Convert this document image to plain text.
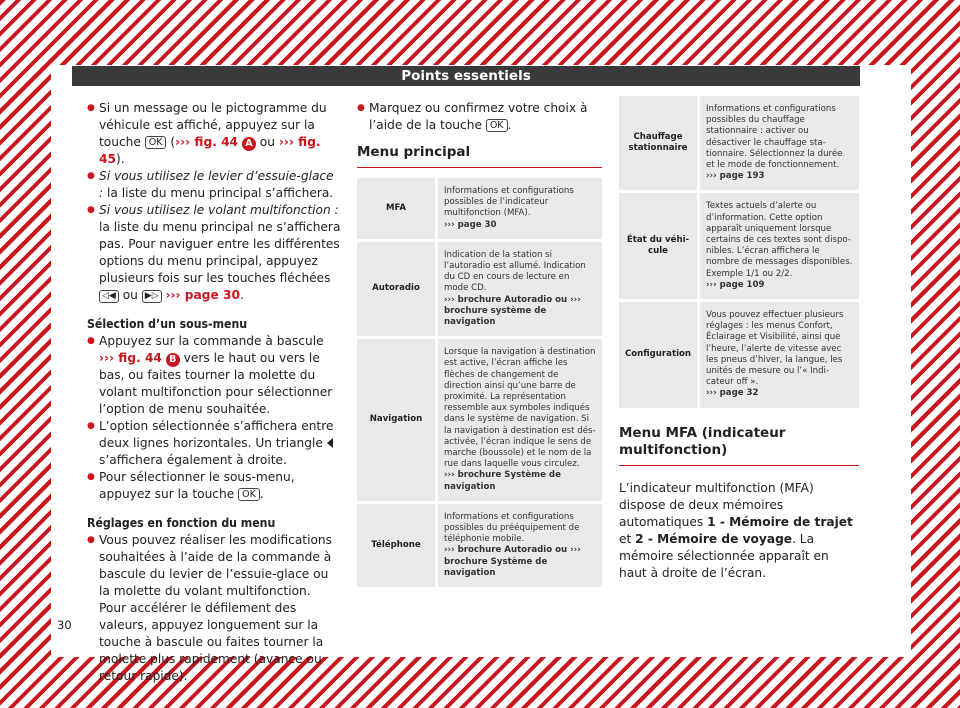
Points essentiels

● Si un message ou le pictogramme du véhicule est affiché, appuyez sur la touche OK (››› fig. 44 A ou ››› fig. 45).

● Si vous utilisez le levier d’essuie-glace : la liste du menu principal s’affichera.

● Si vous utilisez le volant multifonction : la liste du menu principal ne s’affichera pas. Pour naviguer entre les différentes options du menu principal, appuyez plusieurs fois sur les touches fléchées ◁◀ ou ▶▷ ››› page 30.

Sélection d’un sous-menu

● Appuyez sur la commande à bascule ››› fig. 44 B vers le haut ou vers le bas, ou faites tourner la molette du volant multifonction pour sélectionner l’option de menu souhaitée.

● L’option sélectionnée s’affichera entre deux lignes horizontales. Un triangle s’affichera également à droite.

● Pour sélectionner le sous-menu, appuyez sur la touche OK .

Réglages en fonction du menu

● Vous pouvez réaliser les modifications souhaitées à l’aide de la commande à bascule du levier de l’essuie-glace ou la molette du volant multifonction. Pour accélérer le défilement des valeurs, appuyez longuement sur la touche à bascule ou faites tourner la molette plus rapidement (avance ou retour rapide).

● Marquez ou confirmez votre choix à l’aide de la touche OK .

Menu principal
MFA	Informations et configurations possibles de l’indicateur multifonction (MFA).
››› page 30
Autoradio	Indication de la station si l’autoradio est allumé. Indication du CD en cours de lecture en mode CD.
››› brochure Autoradio ou ››› brochure système de navigation
Navigation	Lorsque la navigation à destination est active, l’écran affiche les flèches de changement de direction ainsi qu’une barre de proximité. La représentation ressemble aux symboles indiqués dans le système de navigation. Si la navigation à destination est désactivée, l’écran indique le sens de marche (boussole) et le nom de la rue dans laquelle vous circulez.
››› brochure Système de navigation
Téléphone	Informations et configurations possibles du prééquipement de téléphonie mobile.
››› brochure Autoradio ou ››› brochure Système de navigation
Chauffage stationnaire	Informations et configurations possibles du chauffage stationnaire : activer ou désactiver le chauffage stationnaire. Sélectionnez la durée et le mode de fonctionnement.
››› page 193
État du véhicule	Textes actuels d’alerte ou d’information. Cette option apparaît uniquement lorsque certains de ces textes sont disponibles. L’écran affichera le nombre de messages disponibles. Exemple 1/1 ou 2/2.
››› page 109
Configuration	Vous pouvez effectuer plusieurs réglages : les menus Confort, Éclairage et Visibilité, ainsi que l’heure, l’alerte de vitesse avec les pneus d’hiver, la langue, les unités de mesure ou l’« Indicateur off ».
››› page 32
Menu MFA (indicateur multifonction)

L’indicateur multifonction (MFA) dispose de deux mémoires automatiques 1 - Mémoire de trajet et 2 - Mémoire de voyage. La mémoire sélectionnée apparaît en haut à droite de l’écran.

30
